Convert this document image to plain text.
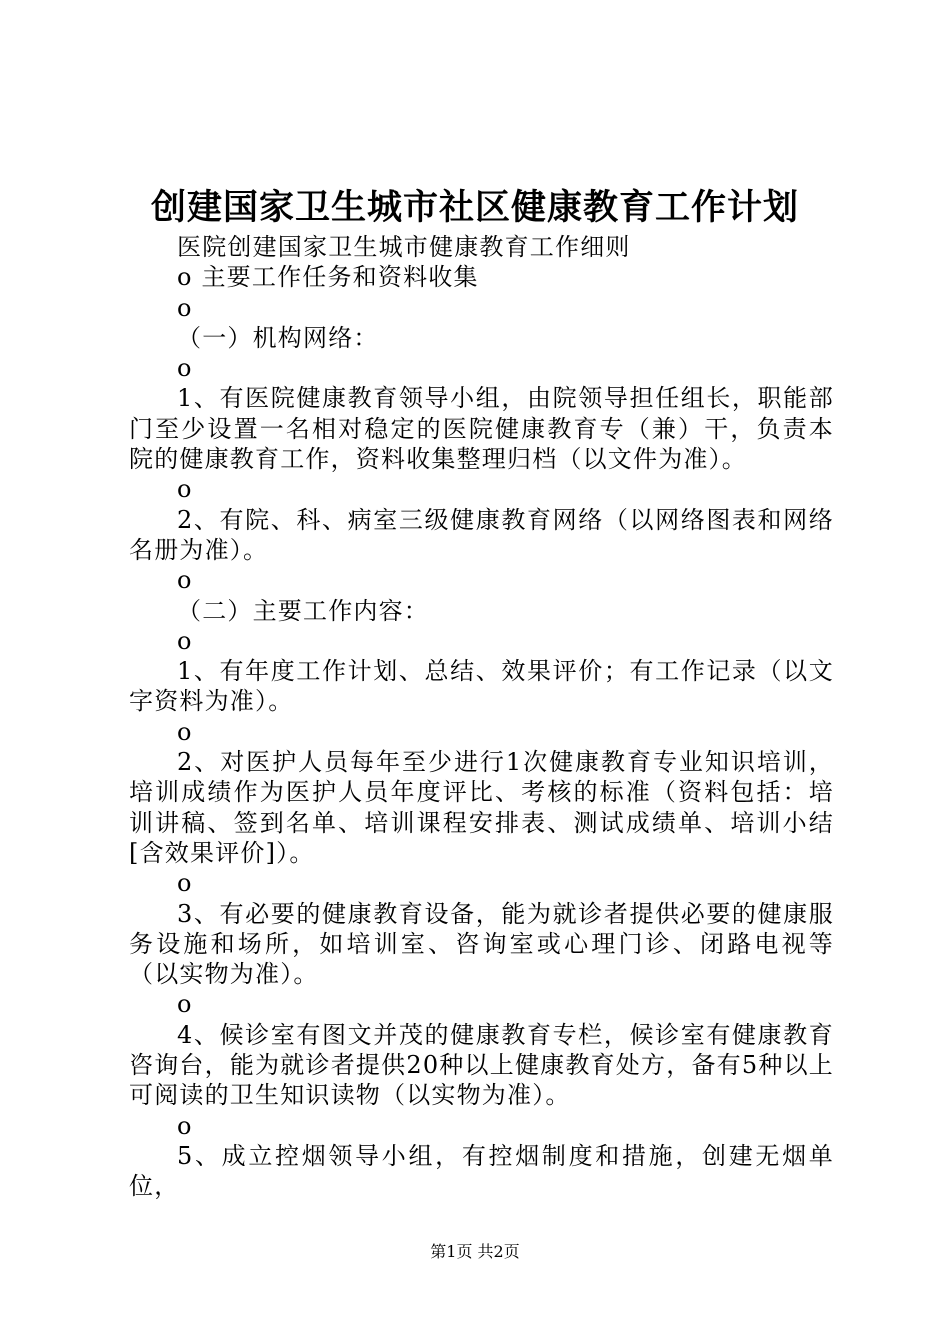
创建国家卫生城市社区健康教育工作计划

医院创建国家卫生城市健康教育工作细则

o 主要工作任务和资料收集

o

（一）机构网络：

o

1、有医院健康教育领导小组，由院领导担任组长，职能部门至少设置一名相对稳定的医院健康教育专（兼）干，负责本院的健康教育工作，资料收集整理归档（以文件为准）。

o

2、有院、科、病室三级健康教育网络（以网络图表和网络名册为准）。

o

（二）主要工作内容：

o

1、有年度工作计划、总结、效果评价；有工作记录（以文字资料为准）。

o

2、对医护人员每年至少进行1次健康教育专业知识培训，培训成绩作为医护人员年度评比、考核的标准（资料包括：培训讲稿、签到名单、培训课程安排表、测试成绩单、培训小结[含效果评价]）。

o

3、有必要的健康教育设备，能为就诊者提供必要的健康服务设施和场所，如培训室、咨询室或心理门诊、闭路电视等（以实物为准）。

o

4、候诊室有图文并茂的健康教育专栏，候诊室有健康教育咨询台，能为就诊者提供20种以上健康教育处方，备有5种以上可阅读的卫生知识读物（以实物为准）。

o

5、成立控烟领导小组，有控烟制度和措施，创建无烟单位，

第1页 共2页
